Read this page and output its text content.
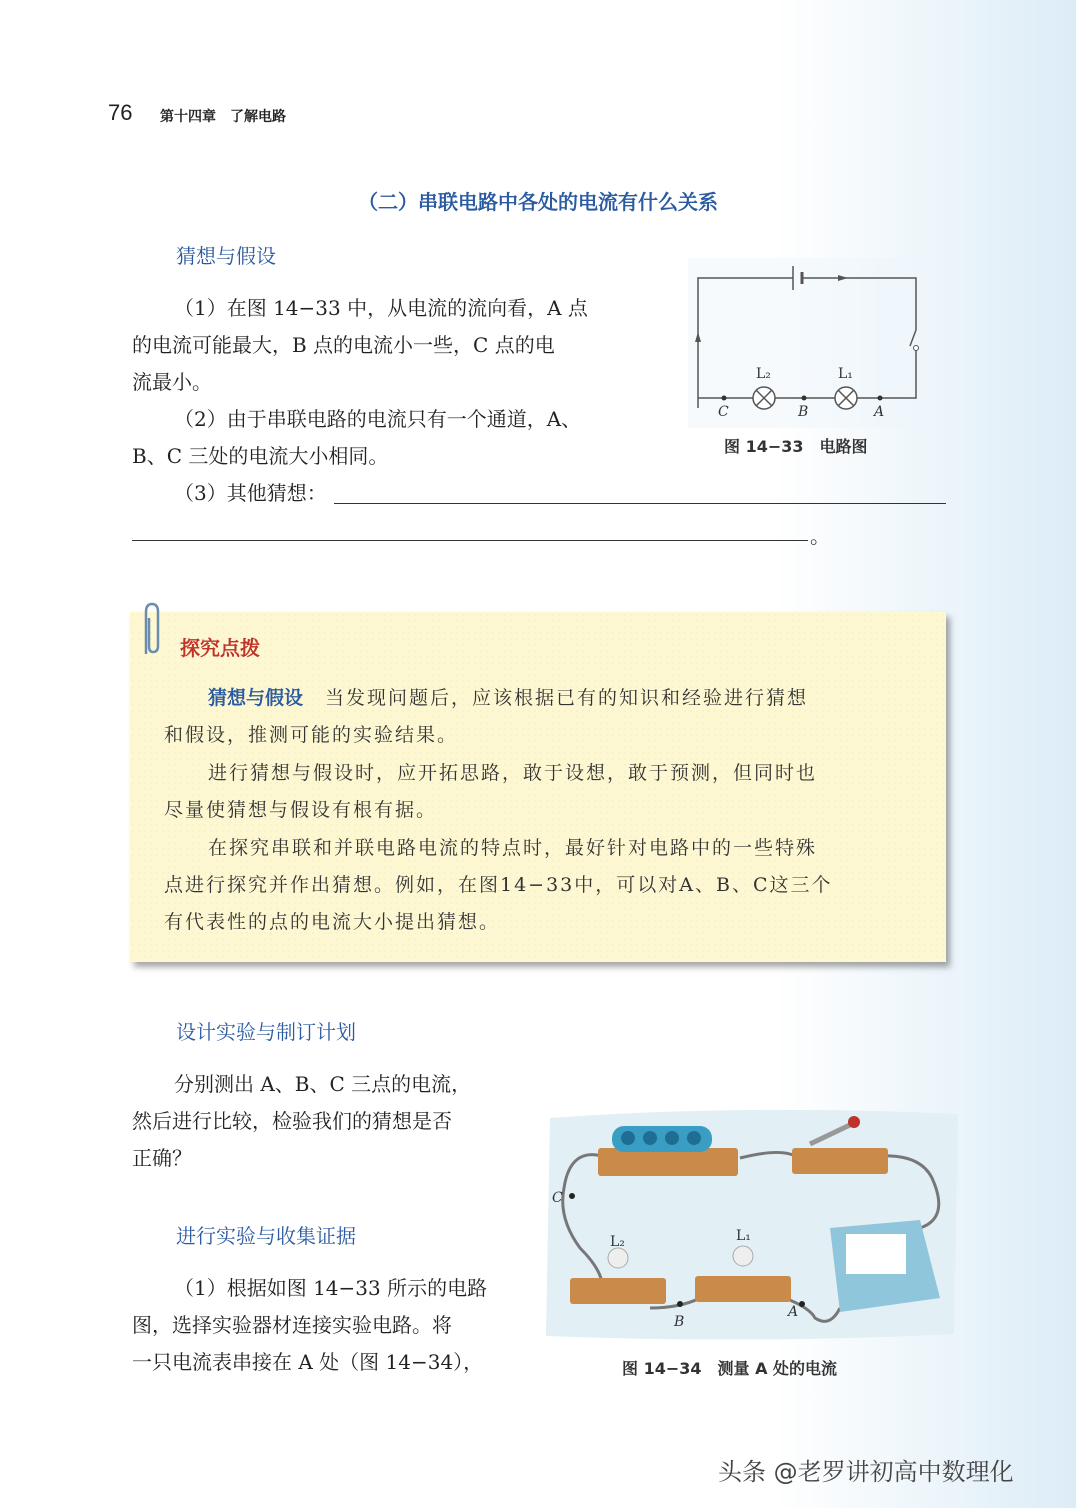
76 第十四章　了解电路
（二）串联电路中各处的电流有什么关系
猜想与假设
（1）在图 14−33 中，从电流的流向看，A 点
的电流可能最大，B 点的电流小一些，C 点的电
流最小。
（2）由于串联电路的电流只有一个通道，A、
B、C 三处的电流大小相同。
（3）其他猜想：
。
L₂	L₁
C	B	A
图 14−33　电路图
探究点拨
猜想与假设 当发现问题后，应该根据已有的知识和经验进行猜想
和假设，推测可能的实验结果。
进行猜想与假设时，应开拓思路，敢于设想，敢于预测，但同时也
尽量使猜想与假设有根有据。
在探究串联和并联电路电流的特点时，最好针对电路中的一些特殊
点进行探究并作出猜想。例如，在图14−33中，可以对A、B、C这三个
有代表性的点的电流大小提出猜想。
设计实验与制订计划
分别测出 A、B、C 三点的电流，
然后进行比较，检验我们的猜想是否
正确？
进行实验与收集证据
（1）根据如图 14−33 所示的电路
图，选择实验器材连接实验电路。将
一只电流表串接在 A 处（图 14−34），
C
L₂	L₁
B
A
图 14−34　测量 A 处的电流
头条 @老罗讲初高中数理化
